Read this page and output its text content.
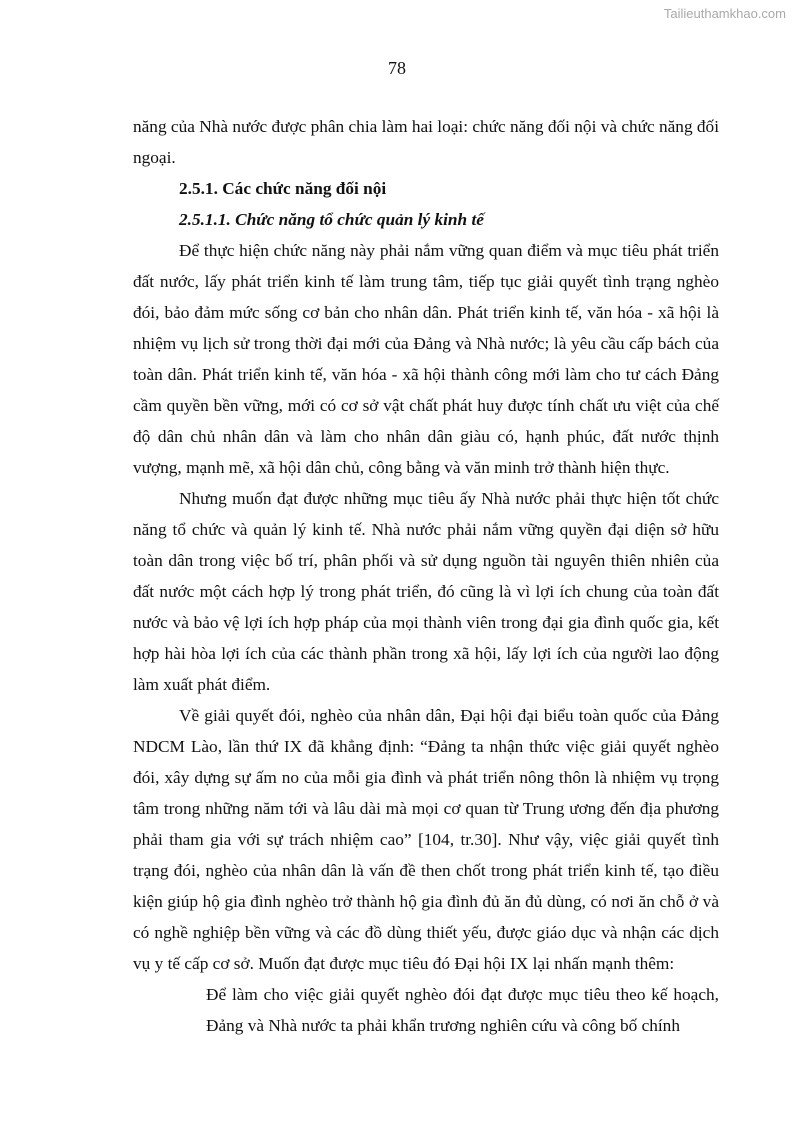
Tailieuthamkhao.com
78

năng của Nhà nước được phân chia làm hai loại: chức năng đối nội và chức năng đối ngoại.

2.5.1. Các chức năng đối nội

2.5.1.1. Chức năng tổ chức quản lý kinh tế

Để thực hiện chức năng này phải nắm vững quan điểm và mục tiêu phát triển đất nước, lấy phát triển kinh tế làm trung tâm, tiếp tục giải quyết tình trạng nghèo đói, bảo đảm mức sống cơ bản cho nhân dân. Phát triển kinh tế, văn hóa - xã hội là nhiệm vụ lịch sử trong thời đại mới của Đảng và Nhà nước; là yêu cầu cấp bách của toàn dân. Phát triển kinh tế, văn hóa - xã hội thành công mới làm cho tư cách Đảng cầm quyền bền vững, mới có cơ sở vật chất phát huy được tính chất ưu việt của chế độ dân chủ nhân dân và làm cho nhân dân giàu có, hạnh phúc, đất nước thịnh vượng, mạnh mẽ, xã hội dân chủ, công bằng và văn minh trở thành hiện thực.

Nhưng muốn đạt được những mục tiêu ấy Nhà nước phải thực hiện tốt chức năng tổ chức và quản lý kinh tế. Nhà nước phải nắm vững quyền đại diện sở hữu toàn dân trong việc bố trí, phân phối và sử dụng nguồn tài nguyên thiên nhiên của đất nước một cách hợp lý trong phát triển, đó cũng là vì lợi ích chung của toàn đất nước và bảo vệ lợi ích hợp pháp của mọi thành viên trong đại gia đình quốc gia, kết hợp hài hòa lợi ích của các thành phần trong xã hội, lấy lợi ích của người lao động làm xuất phát điểm.

Về giải quyết đói, nghèo của nhân dân, Đại hội đại biểu toàn quốc của Đảng NDCM Lào, lần thứ IX đã khẳng định: “Đảng ta nhận thức việc giải quyết nghèo đói, xây dựng sự ấm no của mỗi gia đình và phát triển nông thôn là nhiệm vụ trọng tâm trong những năm tới và lâu dài mà mọi cơ quan từ Trung ương đến địa phương phải tham gia với sự trách nhiệm cao” [104, tr.30]. Như vậy, việc giải quyết tình trạng đói, nghèo của nhân dân là vấn đề then chốt trong phát triển kinh tế, tạo điều kiện giúp hộ gia đình nghèo trở thành hộ gia đình đủ ăn đủ dùng, có nơi ăn chỗ ở và có nghề nghiệp bền vững và các đồ dùng thiết yếu, được giáo dục và nhận các dịch vụ y tế cấp cơ sở. Muốn đạt được mục tiêu đó Đại hội IX lại nhấn mạnh thêm:

Để làm cho việc giải quyết nghèo đói đạt được mục tiêu theo kế hoạch, Đảng và Nhà nước ta phải khẩn trương nghiên cứu và công bố chính
